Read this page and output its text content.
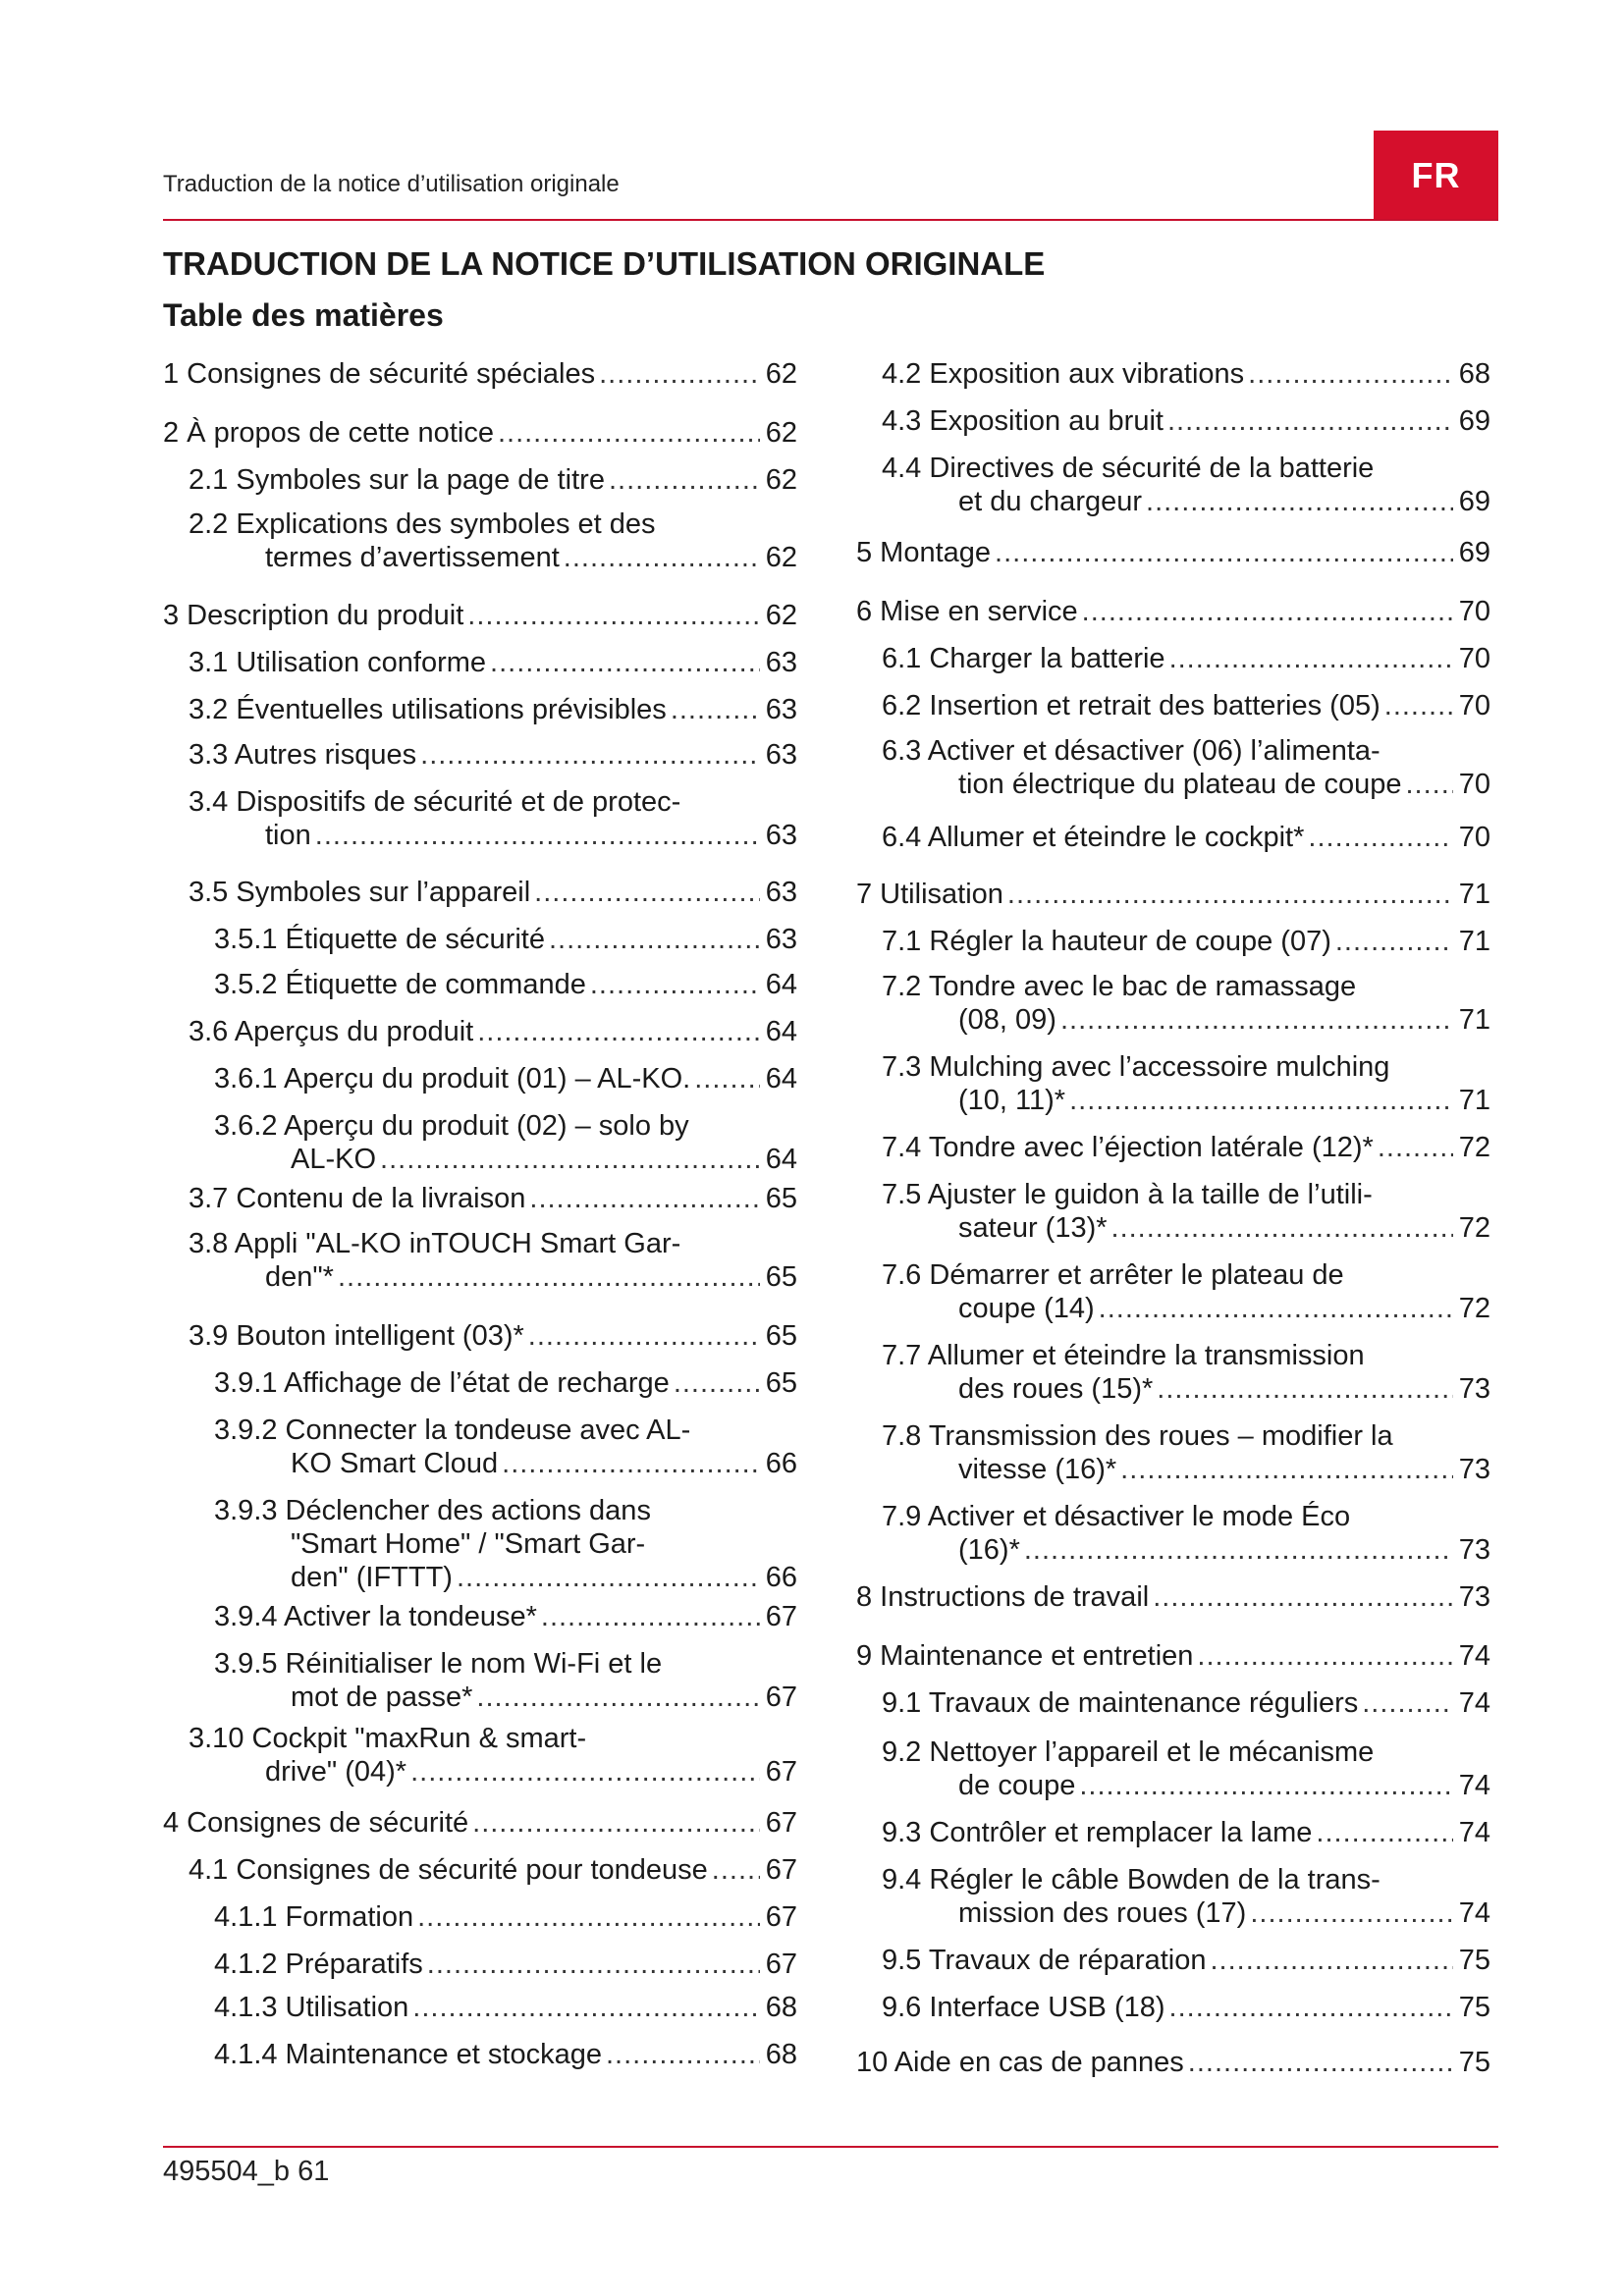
Traduction de la notice d’utilisation originale	FR
TRADUCTION DE LA NOTICE D’UTILISATION ORIGINALE
Table des matières
1 Consignes de sécurité spéciales .....	62
2 À propos de cette notice .....	62
2.1 Symboles sur la page de titre .....	62
2.2 Explications des symboles et des
termes d’avertissement .....	62
3 Description du produit .....	62
3.1 Utilisation conforme .....	63
3.2 Éventuelles utilisations prévisibles .....	63
3.3 Autres risques .....	63
3.4 Dispositifs de sécurité et de protec-
tion .....	63
3.5 Symboles sur l’appareil .....	63
3.5.1 Étiquette de sécurité .....	63
3.5.2 Étiquette de commande .....	64
3.6 Aperçus du produit .....	64
3.6.1 Aperçu du produit (01) – AL-KO. .....	64
3.6.2 Aperçu du produit (02) – solo by
AL-KO .....	64
3.7 Contenu de la livraison .....	65
3.8 Appli "AL-KO inTOUCH Smart Gar-
den"* .....	65
3.9 Bouton intelligent (03)* .....	65
3.9.1 Affichage de l’état de recharge .....	65
3.9.2 Connecter la tondeuse avec AL-
KO Smart Cloud .....	66
3.9.3 Déclencher des actions dans
"Smart Home" / "Smart Gar-
den" (IFTTT) .....	66
3.9.4 Activer la tondeuse* .....	67
3.9.5 Réinitialiser le nom Wi-Fi et le
mot de passe* .....	67
3.10 Cockpit "maxRun & smart-
drive" (04)* .....	67
4 Consignes de sécurité .....	67
4.1 Consignes de sécurité pour tondeuse ..... 67
4.1.1 Formation .....	67
4.1.2 Préparatifs .....	67
4.1.3 Utilisation .....	68
4.1.4 Maintenance et stockage .....	68
4.2 Exposition aux vibrations .....	68
4.3 Exposition au bruit .....	69
4.4 Directives de sécurité de la batterie
et du chargeur .....	69
5 Montage .....	69
6 Mise en service .....	70
6.1 Charger la batterie .....	70
6.2 Insertion et retrait des batteries (05) .....	70
6.3 Activer et désactiver (06) l’alimenta-
tion électrique du plateau de coupe ..... 70
6.4 Allumer et éteindre le cockpit* .....	70
7 Utilisation .....	71
7.1 Régler la hauteur de coupe (07) .....	71
7.2 Tondre avec le bac de ramassage
(08, 09) .....	71
7.3 Mulching avec l’accessoire mulching
(10, 11)* .....	71
7.4 Tondre avec l’éjection latérale (12)* .....	72
7.5 Ajuster le guidon à la taille de l’utili-
sateur (13)* .....	72
7.6 Démarrer et arrêter le plateau de
coupe (14) .....	72
7.7 Allumer et éteindre la transmission
des roues (15)* .....	73
7.8 Transmission des roues – modifier la
vitesse (16)* .....	73
7.9 Activer et désactiver le mode Éco
(16)* .....	73
8 Instructions de travail .....	73
9 Maintenance et entretien .....	74
9.1 Travaux de maintenance réguliers .....	74
9.2 Nettoyer l’appareil et le mécanisme
de coupe .....	74
9.3 Contrôler et remplacer la lame .....	74
9.4 Régler le câble Bowden de la trans-
mission des roues (17) .....	74
9.5 Travaux de réparation .....	75
9.6 Interface USB (18) .....	75
10 Aide en cas de pannes .....	75
495504_b 61
